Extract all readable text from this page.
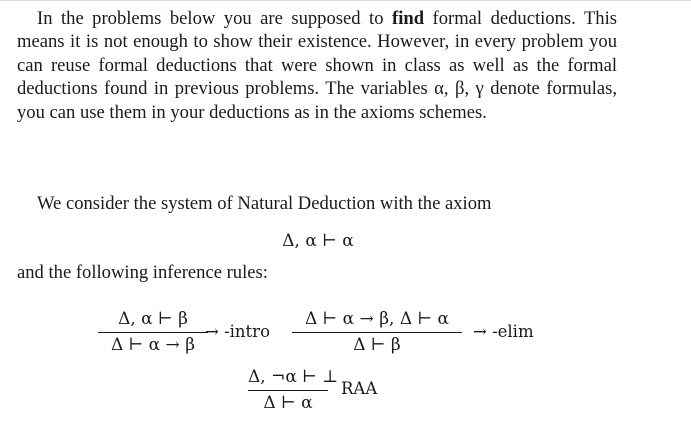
In the problems below you are supposed to find formal deductions. This means it is not enough to show their existence. However, in every problem you can reuse formal deductions that were shown in class as well as the formal deductions found in previous problems. The variables α, β, γ denote formulas, you can use them in your deductions as in the axioms schemes.
We consider the system of Natural Deduction with the axiom
Δ, α ⊢ α
and the following inference rules:
Δ, α ⊢ β
Δ ⊢ α → β
→ -intro
Δ ⊢ α → β, Δ ⊢ α
Δ ⊢ β
→ -elim
Δ, ¬α ⊢ ⊥
Δ ⊢ α
RAA
